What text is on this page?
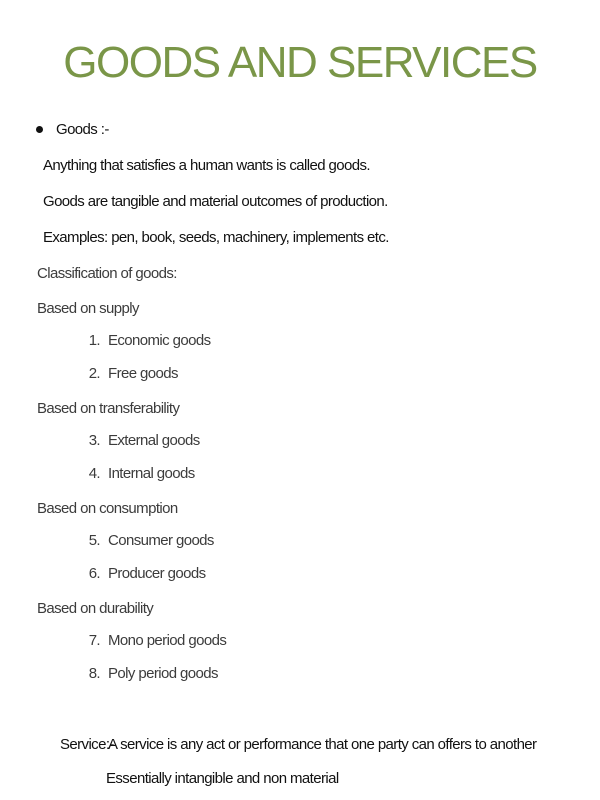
GOODS AND SERVICES
Goods :-
Anything that satisfies a human wants is called goods.
Goods are tangible and material outcomes of production.
Examples: pen, book, seeds, machinery, implements etc.
Classification of goods:
Based on supply
1. Economic goods
2. Free goods
Based on transferability
3. External goods
4. Internal goods
Based on consumption
5. Consumer goods
6. Producer goods
Based on durability
7. Mono period goods
8. Poly period goods
Service:-
A service is any act or performance that one party can offers to another
Essentially intangible and non material
